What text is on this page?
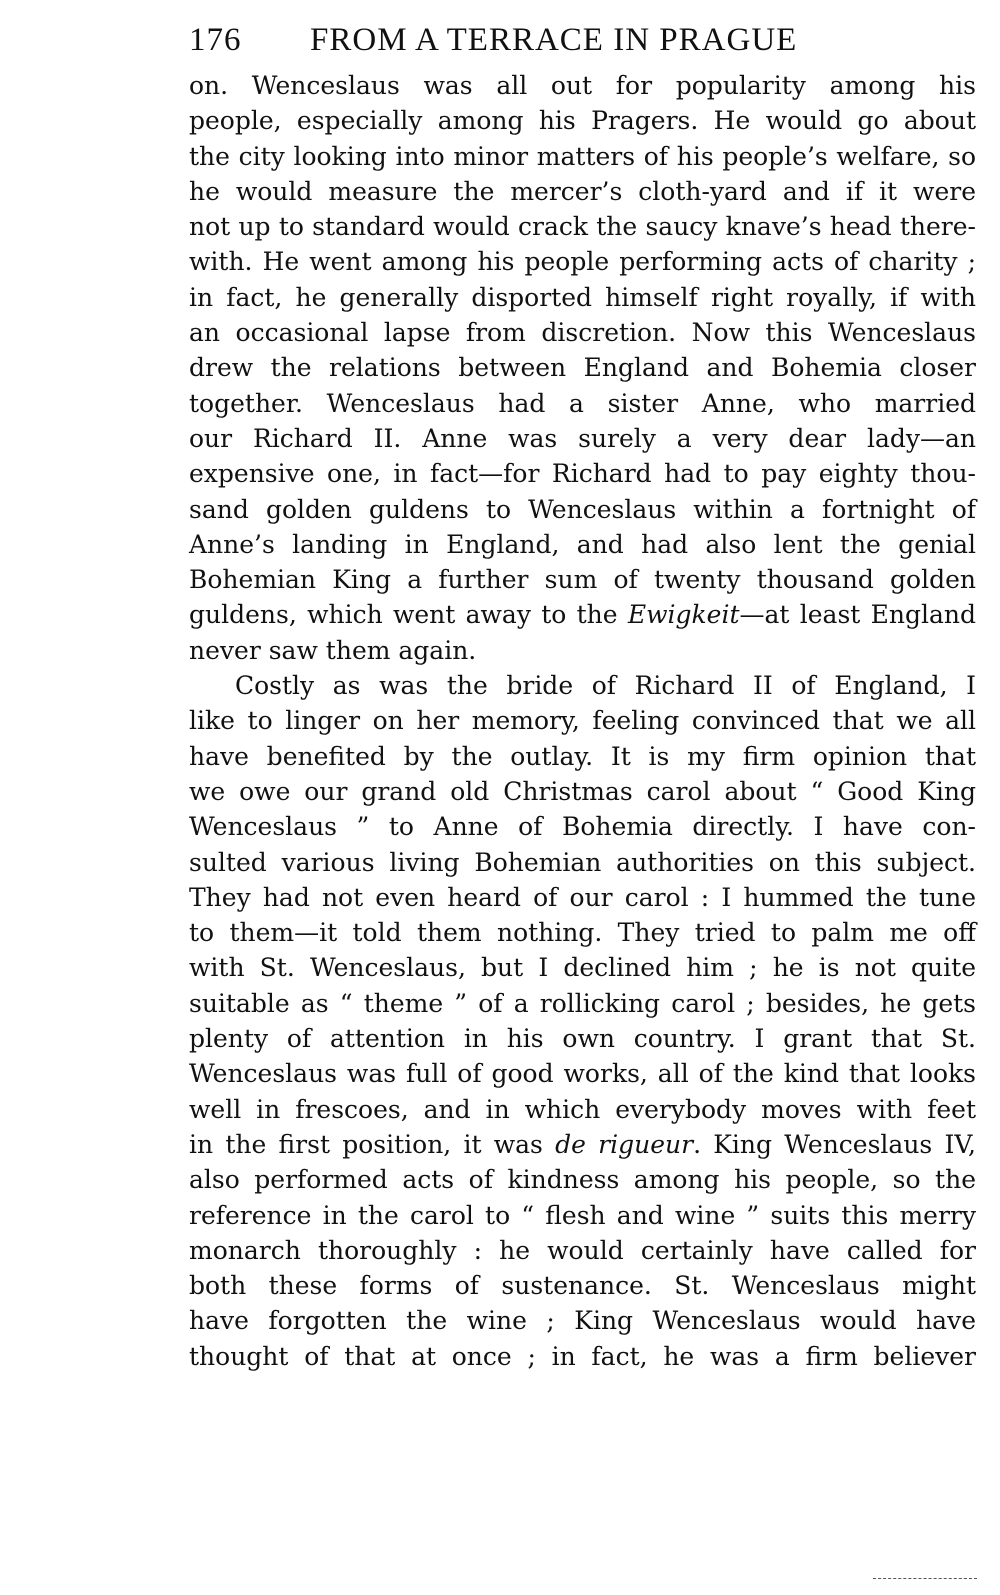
176 FROM A TERRACE IN PRAGUE
on. Wenceslaus was all out for popularity among his
people, especially among his Pragers. He would go about
the city looking into minor matters of his people’s welfare, so
he would measure the mercer’s cloth-yard and if it were
not up to standard would crack the saucy knave’s head there-
with. He went among his people performing acts of charity ;
in fact, he generally disported himself right royally, if with
an occasional lapse from discretion. Now this Wenceslaus
drew the relations between England and Bohemia closer
together. Wenceslaus had a sister Anne, who married
our Richard II. Anne was surely a very dear lady—an
expensive one, in fact—for Richard had to pay eighty thou-
sand golden guldens to Wenceslaus within a fortnight of
Anne’s landing in England, and had also lent the genial
Bohemian King a further sum of twenty thousand golden
guldens, which went away to the Ewigkeit—at least England
never saw them again.
Costly as was the bride of Richard II of England, I
like to linger on her memory, feeling convinced that we all
have benefited by the outlay. It is my firm opinion that
we owe our grand old Christmas carol about “ Good King
Wenceslaus ” to Anne of Bohemia directly. I have con-
sulted various living Bohemian authorities on this subject.
They had not even heard of our carol : I hummed the tune
to them—it told them nothing. They tried to palm me off
with St. Wenceslaus, but I declined him ; he is not quite
suitable as “ theme ” of a rollicking carol ; besides, he gets
plenty of attention in his own country. I grant that St.
Wenceslaus was full of good works, all of the kind that looks
well in frescoes, and in which everybody moves with feet
in the first position, it was de rigueur. King Wenceslaus IV,
also performed acts of kindness among his people, so the
reference in the carol to “ flesh and wine ” suits this merry
monarch thoroughly : he would certainly have called for
both these forms of sustenance. St. Wenceslaus might
have forgotten the wine ; King Wenceslaus would have
thought of that at once ; in fact, he was a firm believer
